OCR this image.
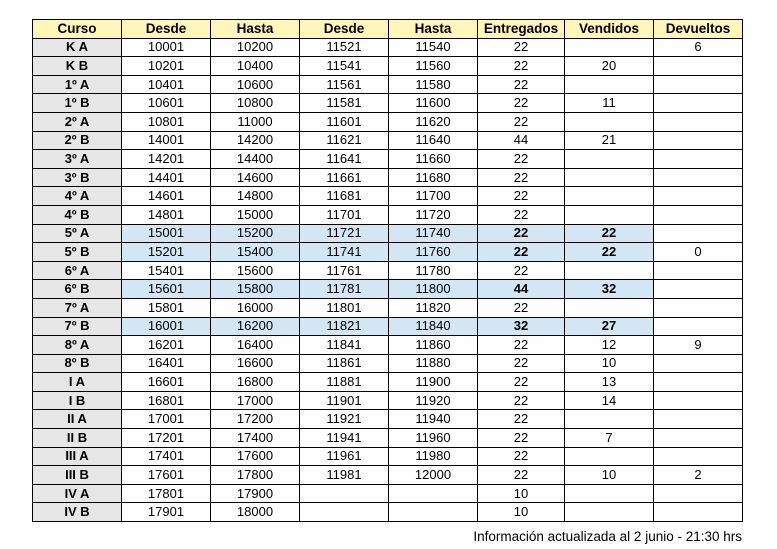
Curso	Desde	Hasta	Desde	Hasta	Entregados	Vendidos	Devueltos
K A	10001	10200	11521	11540	22		6
K B	10201	10400	11541	11560	22	20	
1º A	10401	10600	11561	11580	22		
1º B	10601	10800	11581	11600	22	11	
2º A	10801	11000	11601	11620	22		
2º B	14001	14200	11621	11640	44	21	
3º A	14201	14400	11641	11660	22		
3º B	14401	14600	11661	11680	22		
4º A	14601	14800	11681	11700	22		
4º B	14801	15000	11701	11720	22		
5º A	15001	15200	11721	11740	22	22	
5º B	15201	15400	11741	11760	22	22	0
6º A	15401	15600	11761	11780	22		
6º B	15601	15800	11781	11800	44	32	
7º A	15801	16000	11801	11820	22		
7º B	16001	16200	11821	11840	32	27	
8º A	16201	16400	11841	11860	22	12	9
8º B	16401	16600	11861	11880	22	10	
I A	16601	16800	11881	11900	22	13	
I B	16801	17000	11901	11920	22	14	
II A	17001	17200	11921	11940	22		
II B	17201	17400	11941	11960	22	7	
III A	17401	17600	11961	11980	22		
III B	17601	17800	11981	12000	22	10	2
IV A	17801	17900			10		
IV B	17901	18000			10		
Información actualizada al 2 junio - 21:30 hrs
